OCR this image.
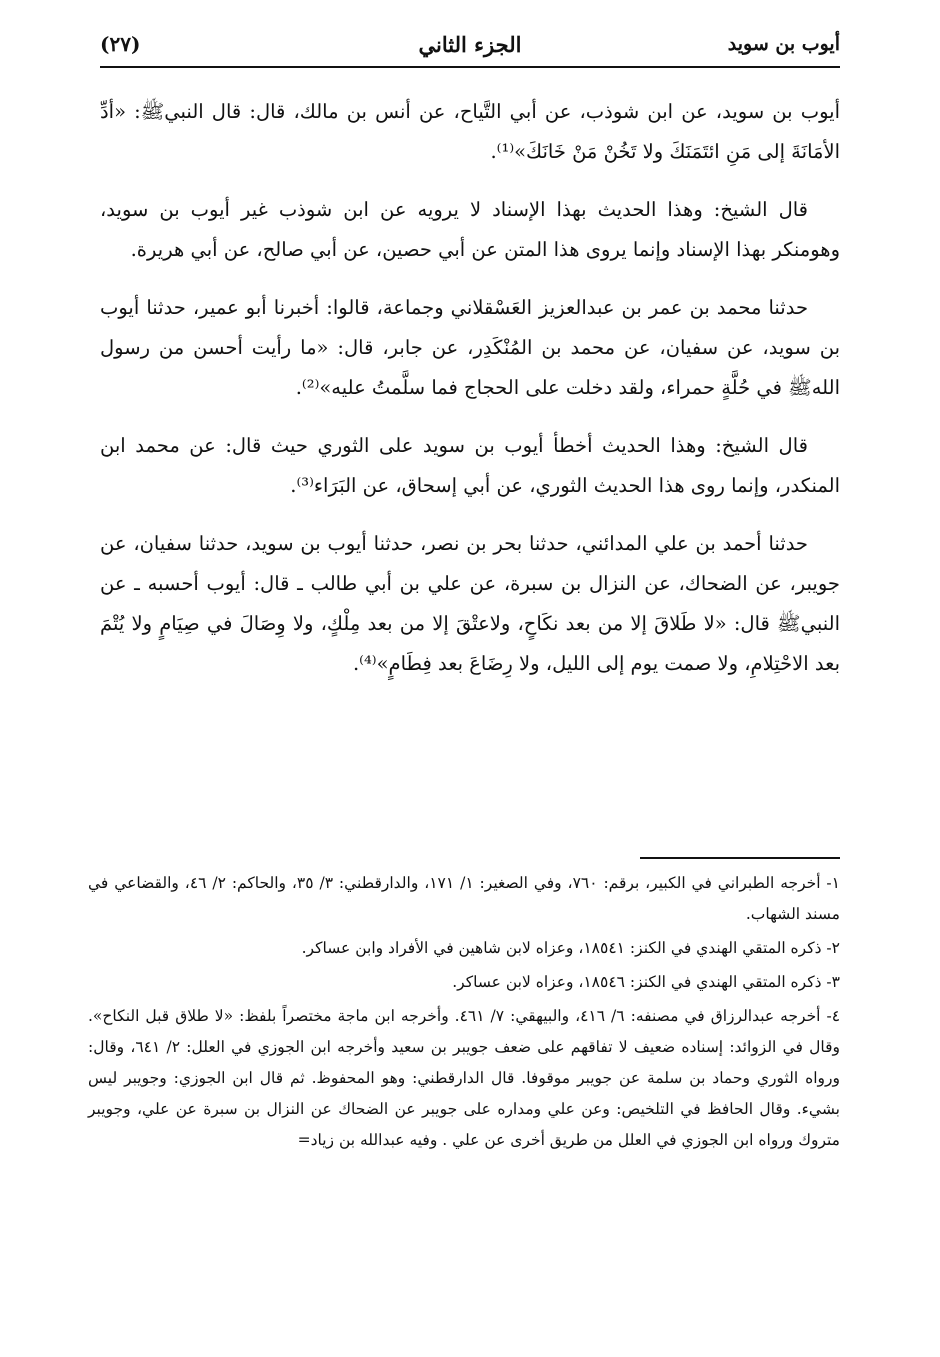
أيوب بن سويد
الجزء الثاني
(٢٧)

أيوب بن سويد، عن ابن شوذب، عن أبي التَّياح، عن أنس بن مالك، قال: قال النبيﷺ: «أدِّ الأمَانَةَ إلى مَنِ ائتَمَنَكَ ولا تَخُنْ مَنْ خَانَكَ»⁽¹⁾.

قال الشيخ: وهذا الحديث بهذا الإسناد لا يرويه عن ابن شوذب غير أيوب بن سويد، وهومنكر بهذا الإسناد وإنما يروى هذا المتن عن أبي حصين، عن أبي صالح، عن أبي هريرة.

حدثنا محمد بن عمر بن عبدالعزيز العَسْقلاني وجماعة، قالوا: أخبرنا أبو عمير، حدثنا أيوب بن سويد، عن سفيان، عن محمد بن المُنْكَدِر، عن جابر، قال: «ما رأيت أحسن من رسول اللهﷺ في حُلَّةٍ حمراء، ولقد دخلت على الحجاج فما سلَّمتُ عليه»⁽²⁾.

قال الشيخ: وهذا الحديث أخطأ أيوب بن سويد على الثوري حيث قال: عن محمد ابن المنكدر، وإنما روى هذا الحديث الثوري، عن أبي إسحاق، عن البَرَاء⁽³⁾.

حدثنا أحمد بن علي المدائني، حدثنا بحر بن نصر، حدثنا أيوب بن سويد، حدثنا سفيان، عن جويبر، عن الضحاك، عن النزال بن سبرة، عن علي بن أبي طالب ـ قال: أيوب أحسبه ـ عن النبيﷺ قال: «لا طَلاقَ إلا من بعد نكَاحٍ، ولاعتْقَ إلا من بعد مِلْكٍ، ولا وِصَالَ في صِيَامٍ ولا يُتْمَ بعد الاحْتِلامِ، ولا صمت يوم إلى الليل، ولا رِضَاعَ بعد فِطَامٍ»⁽⁴⁾.

١- أخرجه الطبراني في الكبير، برقم: ٧٦٠، وفي الصغير: ١/ ١٧١، والدارقطني: ٣/ ٣٥، والحاكم: ٢/ ٤٦، والقضاعي في مسند الشهاب.
٢- ذكره المتقي الهندي في الكنز: ١٨٥٤١، وعزاه لابن شاهين في الأفراد وابن عساكر.
٣- ذكره المتقي الهندي في الكنز: ١٨٥٤٦، وعزاه لابن عساكر.
٤- أخرجه عبدالرزاق في مصنفه: ٦/ ٤١٦، والبيهقي: ٧/ ٤٦١. وأخرجه ابن ماجة مختصراً بلفظ: «لا طلاق قبل النكاح». وقال في الزوائد: إسناده ضعيف لا تفاقهم على ضعف جويبر بن سعيد وأخرجه ابن الجوزي في العلل: ٢/ ٦٤١، وقال: ورواه الثوري وحماد بن سلمة عن جويبر موقوفا. قال الدارقطني: وهو المحفوظ. ثم قال ابن الجوزي: وجويبر ليس بشيء. وقال الحافظ في التلخيص: وعن علي ومداره على جويبر عن الضحاك عن النزال بن سبرة عن علي، وجويبر متروك ورواه ابن الجوزي في العلل من طريق أخرى عن علي . وفيه عبدالله بن زياد=
